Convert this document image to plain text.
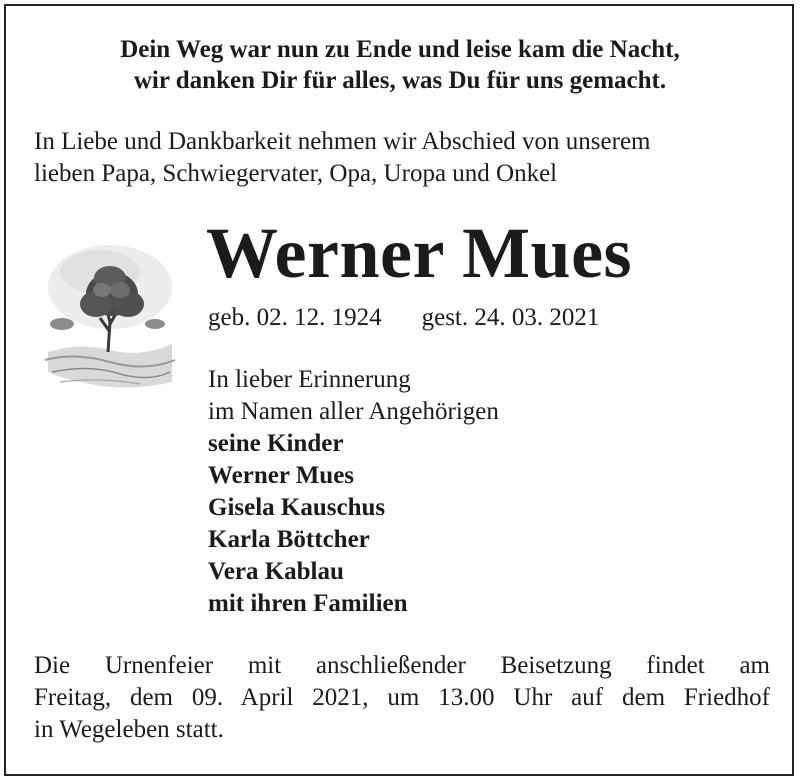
Dein Weg war nun zu Ende und leise kam die Nacht,
wir danken Dir für alles, was Du für uns gemacht.
In Liebe und Dankbarkeit nehmen wir Abschied von unserem
lieben Papa, Schwiegervater, Opa, Uropa und Onkel
Werner Mues
geb. 02. 12. 1924 gest. 24. 03. 2021
In lieber Erinnerung
im Namen aller Angehörigen
seine Kinder
Werner Mues
Gisela Kauschus
Karla Böttcher
Vera Kablau
mit ihren Familien
Die Urnenfeier mit anschließender Beisetzung findet am
Freitag, dem 09. April 2021, um 13.00 Uhr auf dem Friedhof
in Wegeleben statt.
